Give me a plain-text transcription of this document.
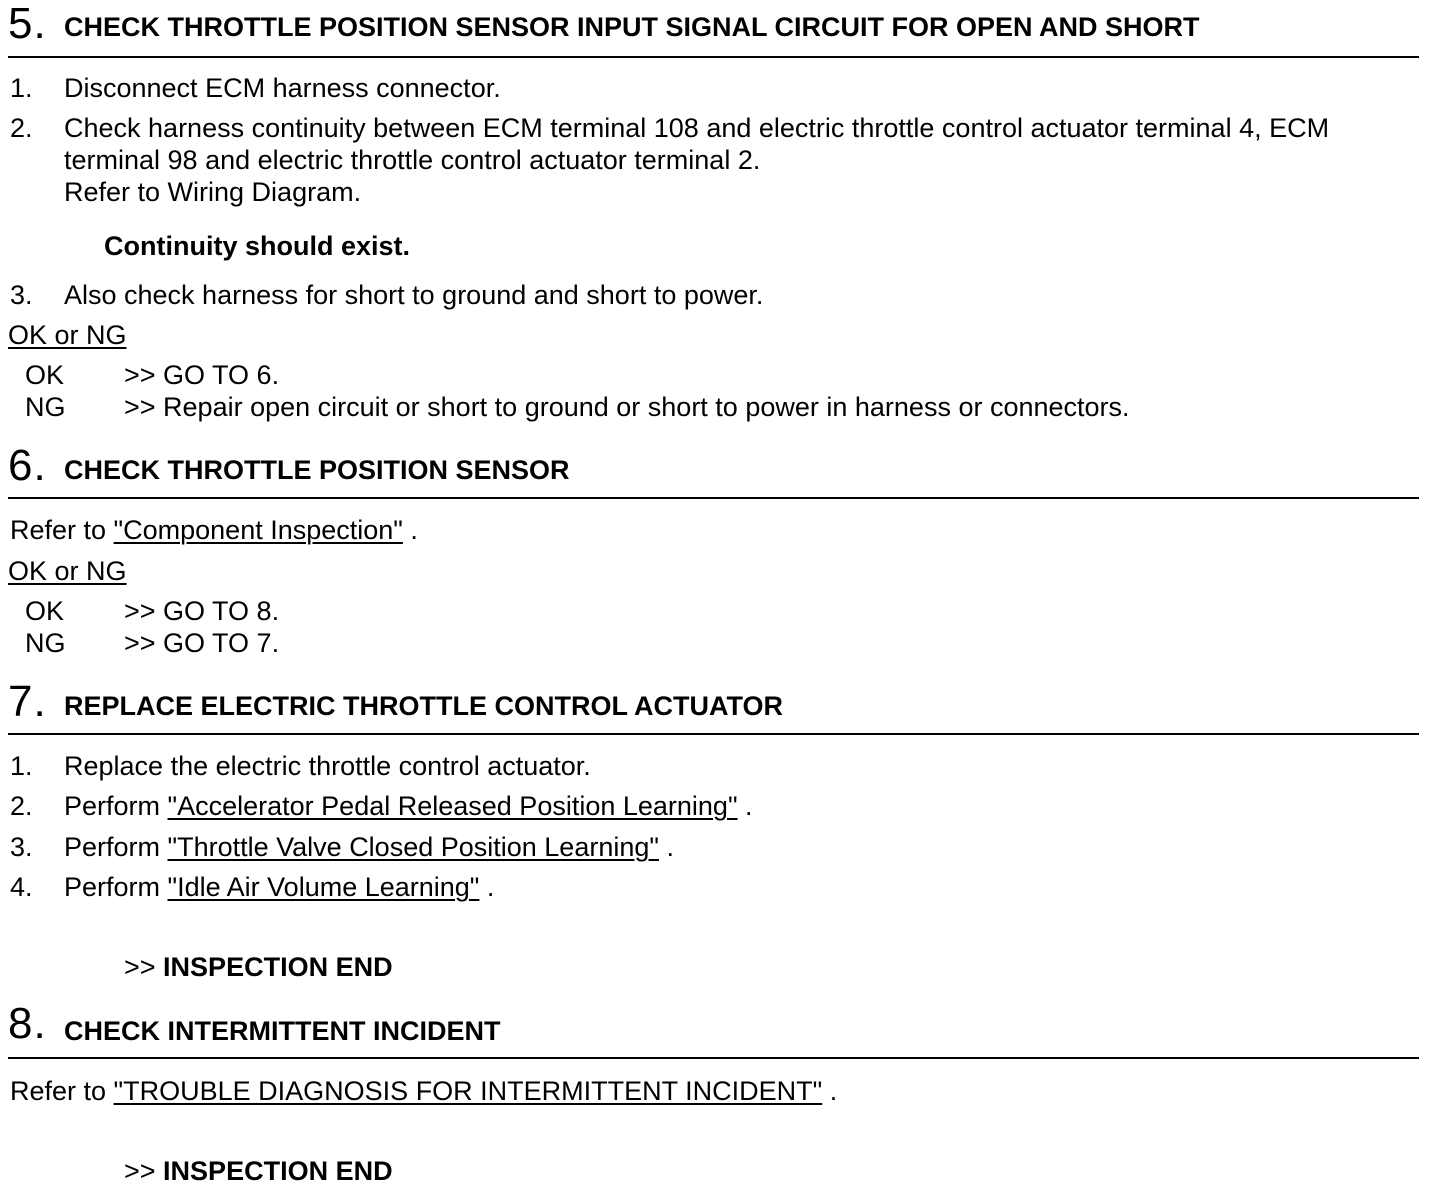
5. CHECK THROTTLE POSITION SENSOR INPUT SIGNAL CIRCUIT FOR OPEN AND SHORT
1. Disconnect ECM harness connector.
2. Check harness continuity between ECM terminal 108 and electric throttle control actuator terminal 4, ECM
terminal 98 and electric throttle control actuator terminal 2.
Refer to Wiring Diagram.
Continuity should exist.
3. Also check harness for short to ground and short to power.
OK or NG
OK >> GO TO 6.
NG >> Repair open circuit or short to ground or short to power in harness or connectors.
6. CHECK THROTTLE POSITION SENSOR
Refer to "Component Inspection" .
OK or NG
OK >> GO TO 8.
NG >> GO TO 7.
7. REPLACE ELECTRIC THROTTLE CONTROL ACTUATOR
1. Replace the electric throttle control actuator.
2. Perform "Accelerator Pedal Released Position Learning" .
3. Perform "Throttle Valve Closed Position Learning" .
4. Perform "Idle Air Volume Learning" .
>> INSPECTION END
8. CHECK INTERMITTENT INCIDENT
Refer to "TROUBLE DIAGNOSIS FOR INTERMITTENT INCIDENT" .
>> INSPECTION END
